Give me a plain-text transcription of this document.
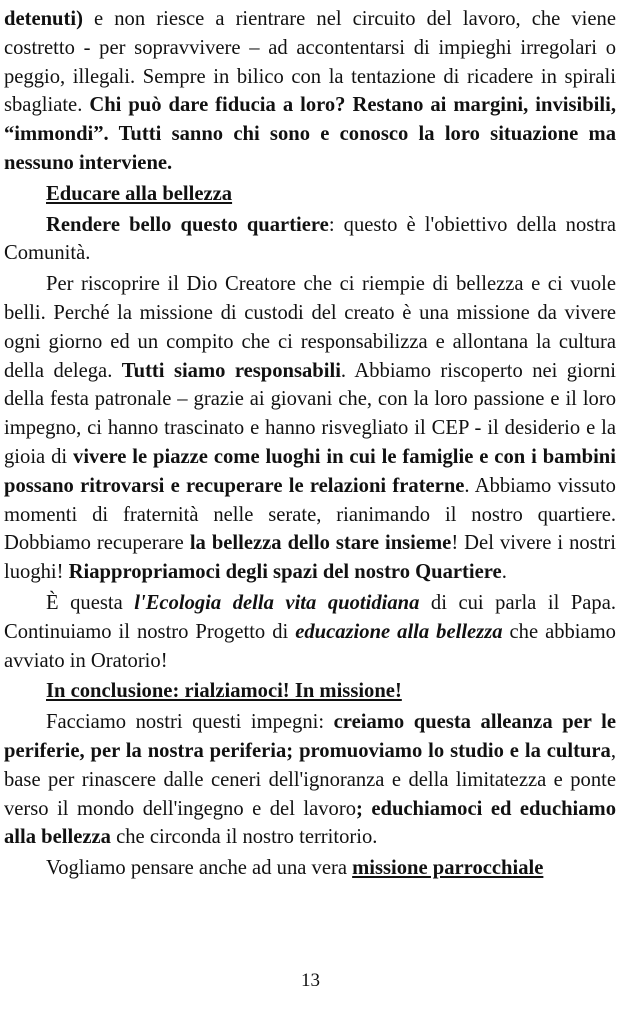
detenuti) e non riesce a rientrare nel circuito del lavoro, che viene costretto - per sopravvivere – ad accontentarsi di impieghi irregolari o peggio, illegali. Sempre in bilico con la tentazione di ricadere in spirali sbagliate. Chi può dare fiducia a loro? Restano ai margini, invisibili, “immondi”. Tutti sanno chi sono e conosco la loro situazione ma nessuno interviene.

Educare alla bellezza

Rendere bello questo quartiere: questo è l'obiettivo della nostra Comunità.

Per riscoprire il Dio Creatore che ci riempie di bellezza e ci vuole belli. Perché la missione di custodi del creato è una missione da vivere ogni giorno ed un compito che ci responsabilizza e allontana la cultura della delega. Tutti siamo responsabili. Abbiamo riscoperto nei giorni della festa patronale – grazie ai giovani che, con la loro passione e il loro impegno, ci hanno trascinato e hanno risvegliato il CEP - il desiderio e la gioia di vivere le piazze come luoghi in cui le famiglie e con i bambini possano ritrovarsi e recuperare le relazioni fraterne. Abbiamo vissuto momenti di fraternità nelle serate, rianimando il nostro quartiere. Dobbiamo recuperare la bellezza dello stare insieme! Del vivere i nostri luoghi! Riappropriamoci degli spazi del nostro Quartiere.

È questa l'Ecologia della vita quotidiana di cui parla il Papa. Continuiamo il nostro Progetto di educazione alla bellezza che abbiamo avviato in Oratorio!

In conclusione: rialziamoci! In missione!

Facciamo nostri questi impegni: creiamo questa alleanza per le periferie, per la nostra periferia; promuoviamo lo studio e la cultura, base per rinascere dalle ceneri dell'ignoranza e della limitatezza e ponte verso il mondo dell'ingegno e del lavoro; educhiamoci ed educhiamo alla bellezza che circonda il nostro territorio.

Vogliamo pensare anche ad una vera missione parrocchiale

13
